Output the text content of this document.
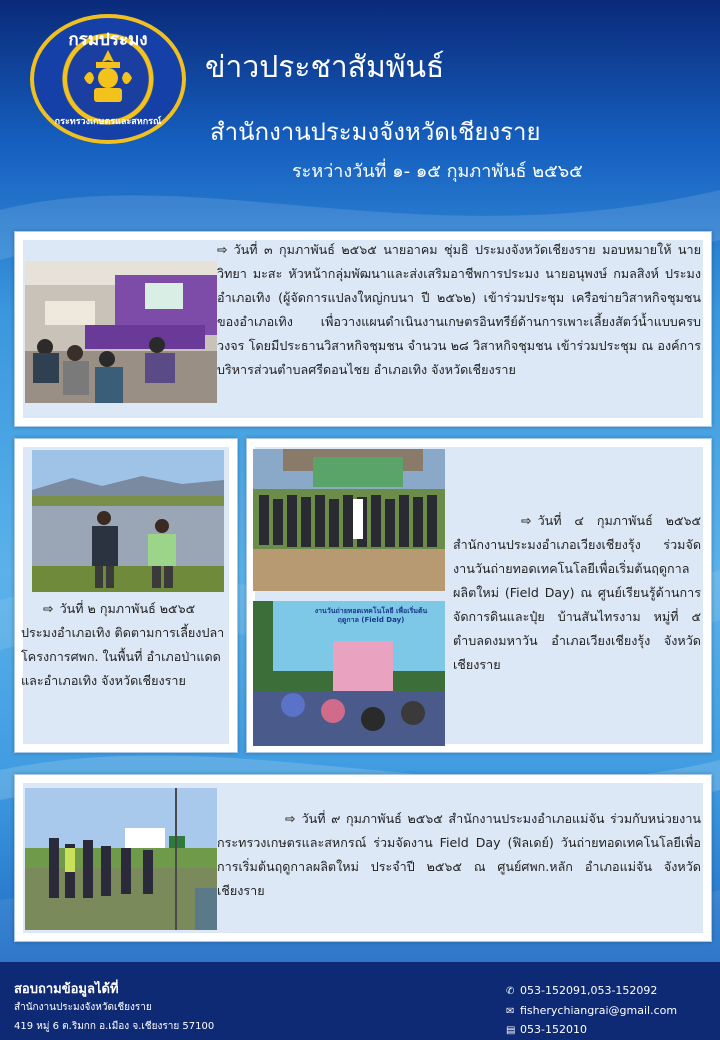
กรมประมง
กระทรวงเกษตรและสหกรณ์
ข่าวประชาสัมพันธ์
สำนักงานประมงจังหวัดเชียงราย
ระหว่างวันที่ ๑- ๑๕ กุมภาพันธ์ ๒๕๖๕
⇨ วันที่ ๓ กุมภาพันธ์ ๒๕๖๕ นายอาคม ชุ่มธิ ประมงจังหวัดเชียงราย มอบหมายให้ นายวิทยา มะสะ หัวหน้ากลุ่มพัฒนาและส่งเสริมอาชีพการประมง นายอนุพงษ์ กมลสิงห์ ประมงอำเภอเทิง (ผู้จัดการแปลงใหญ่กบนา ปี ๒๕๖๒) เข้าร่วมประชุม เครือข่ายวิสาหกิจชุมชน ของอำเภอเทิง เพื่อวางแผนดำเนินงานเกษตรอินทรีย์ด้านการเพาะเลี้ยงสัตว์น้ำแบบครบวงจร โดยมีประธานวิสาหกิจชุมชน จำนวน ๒๘ วิสาหกิจชุมชน เข้าร่วมประชุม ณ องค์การบริหารส่วนตำบลศรีดอนไชย อำเภอเทิง จังหวัดเชียงราย
⇨ วันที่ ๒ กุมภาพันธ์ ๒๕๖๕ ประมงอำเภอเทิง ติดตามการเลี้ยงปลา โครงการศพก. ในพื้นที่ อำเภอป่าแดด และอำเภอเทิง จังหวัดเชียงราย
งานวันถ่ายทอดเทคโนโลยี เพื่อเริ่มต้นฤดูกาล (Field Day)
⇨ วันที่ ๔ กุมภาพันธ์ ๒๕๖๕ สำนักงานประมงอำเภอเวียงเชียงรุ้ง ร่วมจัดงานวันถ่ายทอดเทคโนโลยีเพื่อเริ่มต้นฤดูกาลผลิตใหม่ (Field Day) ณ ศูนย์เรียนรู้ด้านการจัดการดินและปุ๋ย บ้านสันไทรงาม หมู่ที่ ๕ ตำบลดงมหาวัน อำเภอเวียงเชียงรุ้ง จังหวัดเชียงราย
⇨ วันที่ ๙ กุมภาพันธ์ ๒๕๖๕ สำนักงานประมงอำเภอแม่จัน ร่วมกับหน่วยงานกระทรวงเกษตรและสหกรณ์ ร่วมจัดงาน Field Day (ฟิลเดย์) วันถ่ายทอดเทคโนโลยีเพื่อการเริ่มต้นฤดูกาลผลิตใหม่ ประจำปี ๒๕๖๕ ณ ศูนย์ศพก.หลัก อำเภอแม่จัน จังหวัดเชียงราย
สอบถามข้อมูลได้ที่
สำนักงานประมงจังหวัดเชียงราย
419 หมู่ 6 ต.ริมกก อ.เมือง จ.เชียงราย 57100
✆ 053-152091,053-152092
✉ fisherychiangrai@gmail.com
▤ 053-152010
